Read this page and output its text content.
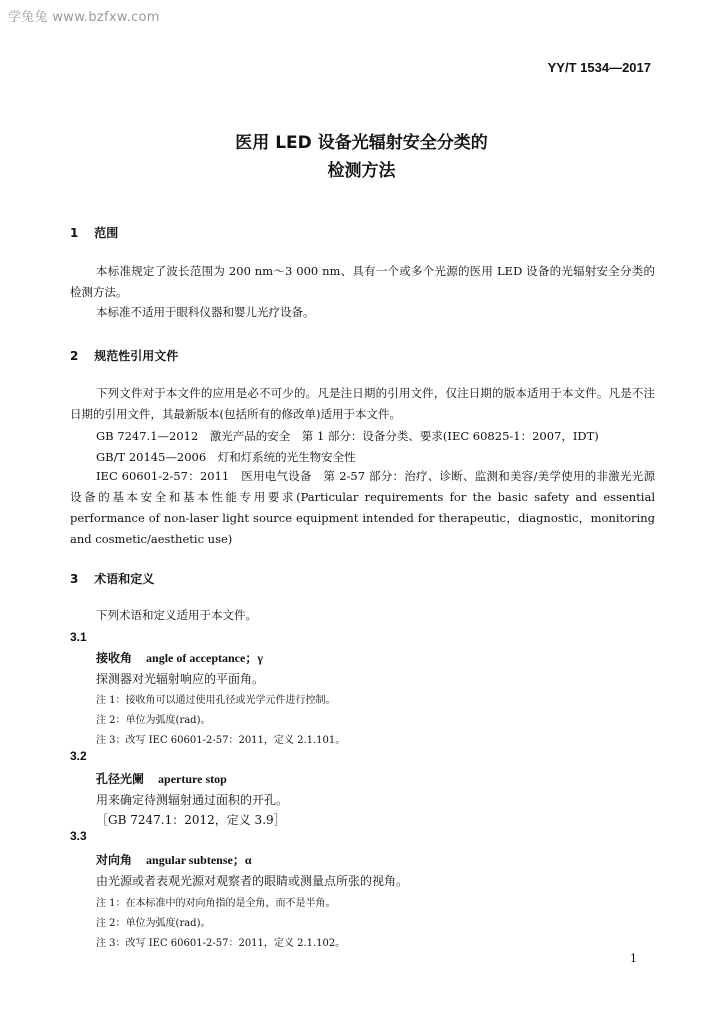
学兔兔 www.bzfxw.com
YY/T 1534—2017
医用 LED 设备光辐射安全分类的
检测方法
1 范围

本标准规定了波长范围为 200 nm～3 000 nm、具有一个或多个光源的医用 LED 设备的光辐射安全分类的检测方法。

本标准不适用于眼科仪器和婴儿光疗设备。

2 规范性引用文件

下列文件对于本文件的应用是必不可少的。凡是注日期的引用文件，仅注日期的版本适用于本文件。凡是不注日期的引用文件，其最新版本(包括所有的修改单)适用于本文件。

GB 7247.1—2012　激光产品的安全　第 1 部分：设备分类、要求(IEC 60825-1：2007，IDT)
GB/T 20145—2006　灯和灯系统的光生物安全性

IEC 60601-2-57：2011　医用电气设备　第 2-57 部分：治疗、诊断、监测和美容/美学使用的非激光光源设备的基本安全和基本性能专用要求(Particular requirements for the basic safety and essential performance of non-laser light source equipment intended for therapeutic，diagnostic，monitoring and cosmetic/aesthetic use)

3 术语和定义
下列术语和定义适用于本文件。
3.1
接收角 angle of acceptance；γ
探测器对光辐射响应的平面角。
注 1：接收角可以通过使用孔径或光学元件进行控制。
注 2：单位为弧度(rad)。
注 3：改写 IEC 60601-2-57：2011，定义 2.1.101。
3.2
孔径光阑 aperture stop
用来确定待测辐射通过面积的开孔。
［GB 7247.1：2012，定义 3.9］
3.3
对向角 angular subtense；α
由光源或者表观光源对观察者的眼睛或测量点所张的视角。
注 1：在本标准中的对向角指的是全角，而不是半角。
注 2：单位为弧度(rad)。
注 3：改写 IEC 60601-2-57：2011，定义 2.1.102。
1
